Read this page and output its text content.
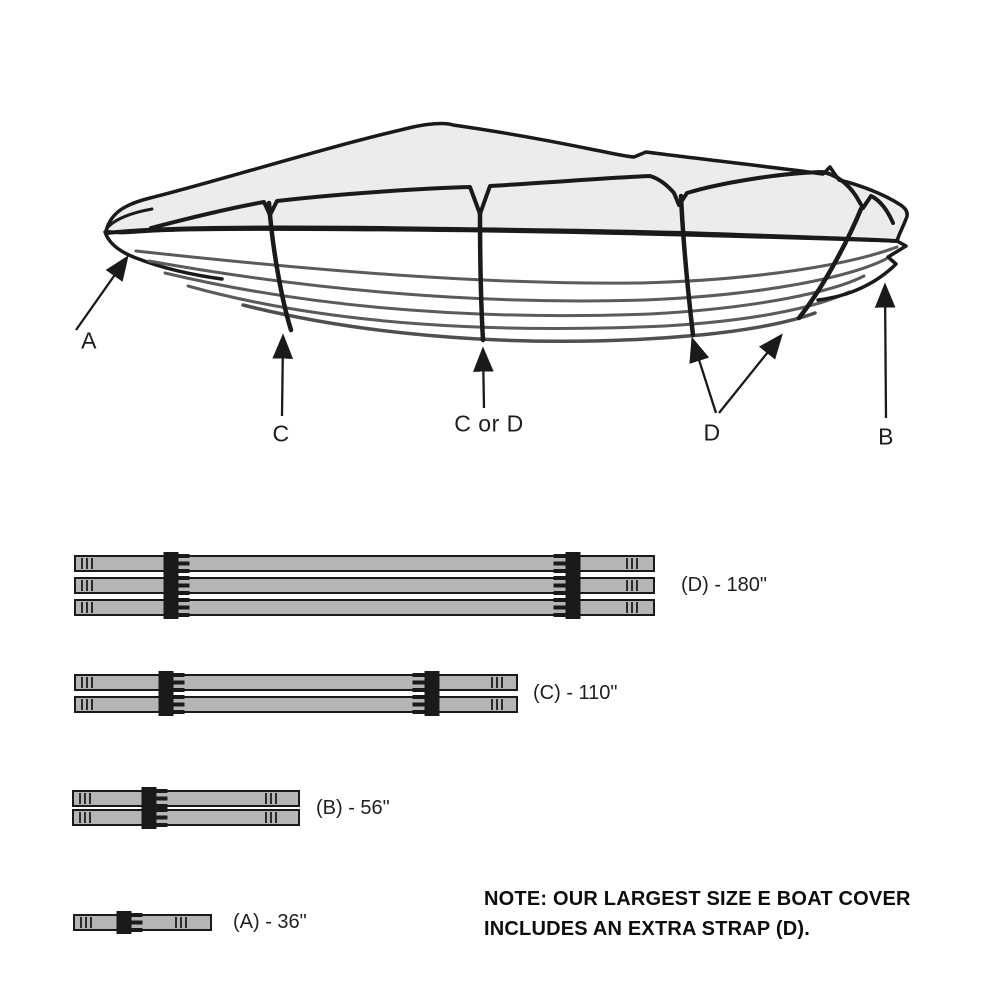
A
C	C or D	D	B
(D) - 180"
(C) - 110"
(B) - 56"
(A) - 36"
NOTE: OUR LARGEST SIZE E BOAT COVER INCLUDES AN EXTRA STRAP (D).
